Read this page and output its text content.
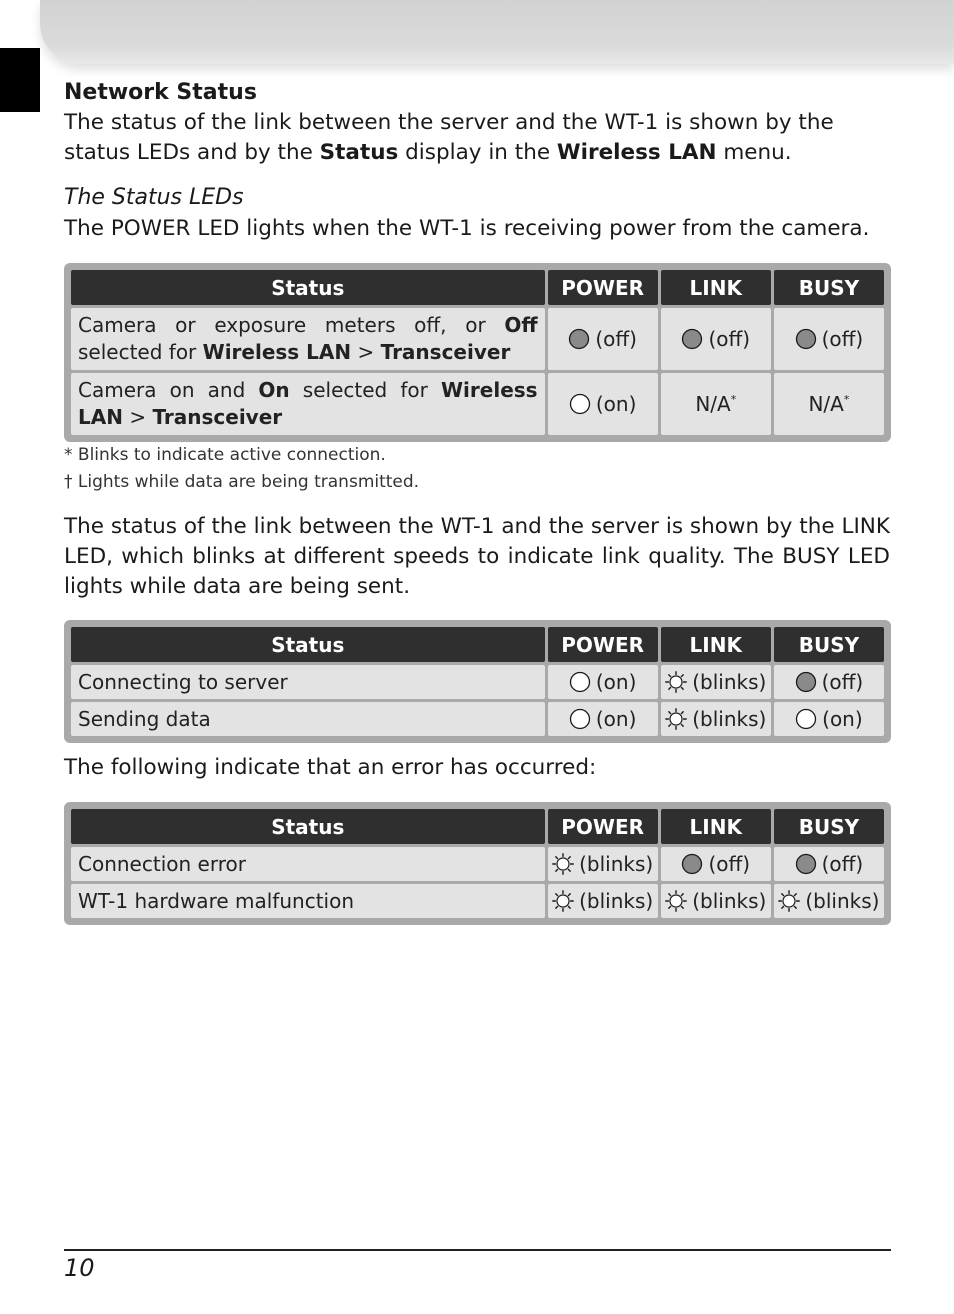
Network Status
The status of the link between the server and the WT-1 is shown by the status LEDs and by the Status display in the Wireless LAN menu.
The Status LEDs
The POWER LED lights when the WT-1 is receiving power from the camera.
Status	POWER	LINK	BUSY
Camera or exposure meters off, or Off selected for Wireless LAN > Transceiver	(off)	(off)	(off)
Camera on and On selected for Wireless LAN > Transceiver	(on)	N/A*	N/A*
* Blinks to indicate active connection.
† Lights while data are being transmitted.
The status of the link between the WT-1 and the server is shown by the LINK LED, which blinks at different speeds to indicate link quality. The BUSY LED lights while data are being sent.
Status	POWER	LINK	BUSY
Connecting to server	(on)	(blinks)	(off)
Sending data	(on)	(blinks)	(on)
The following indicate that an error has occurred:
Status	POWER	LINK	BUSY
Connection error	(blinks)	(off)	(off)
WT-1 hardware malfunction	(blinks)	(blinks)	(blinks)
10
